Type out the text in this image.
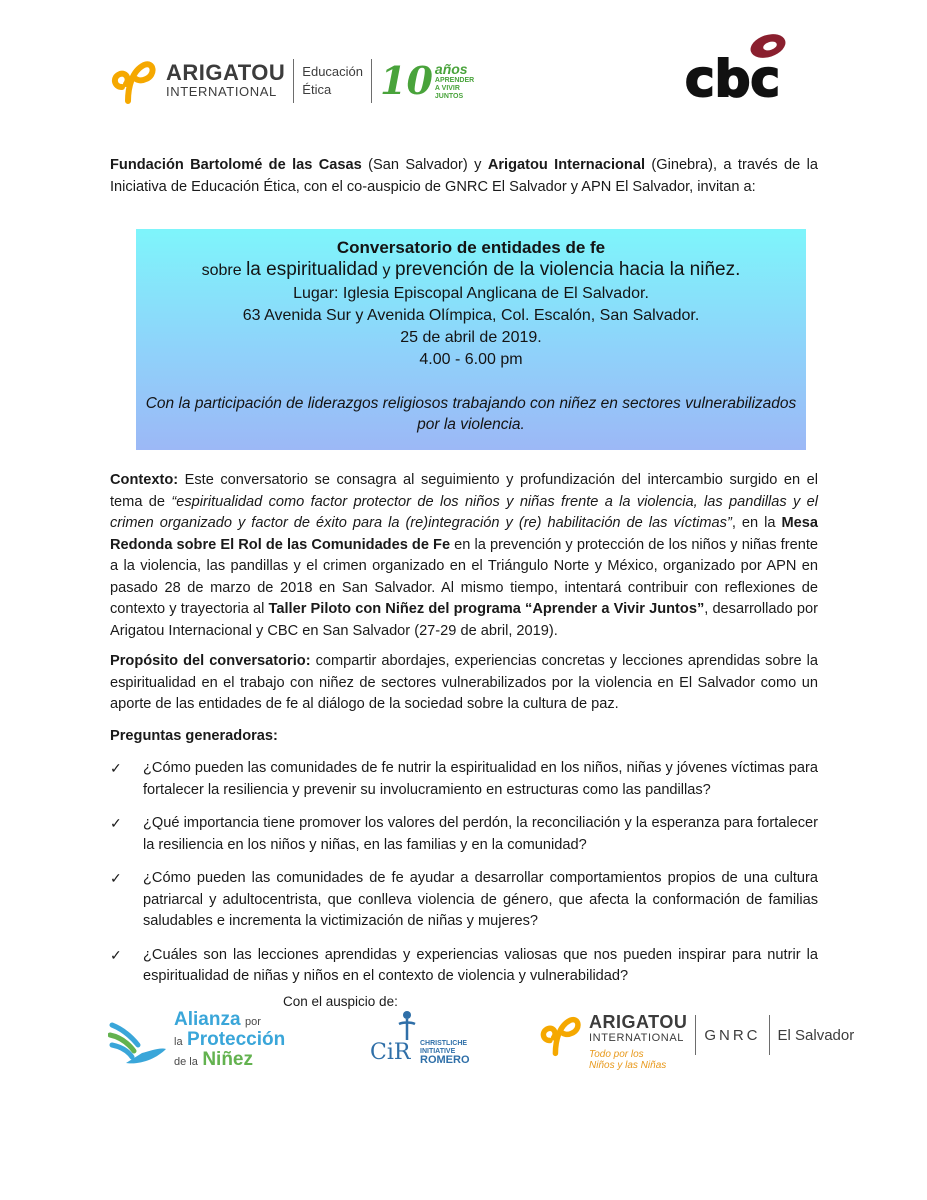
ARIGATOU
INTERNATIONAL
Educación
Ética	10 años
APRENDER
A VIVIR
JUNTOS	cbc
Fundación Bartolomé de las Casas (San Salvador) y Arigatou Internacional (Ginebra), a través de la Iniciativa de Educación Ética, con el co-auspicio de GNRC El Salvador y APN El Salvador, invitan a:
Conversatorio de entidades de fe
sobre la espiritualidad y prevención de la violencia hacia la niñez.
Lugar: Iglesia Episcopal Anglicana de El Salvador.
63 Avenida Sur y Avenida Olímpica, Col. Escalón, San Salvador.
25 de abril de 2019.
4.00 - 6.00 pm
Con la participación de liderazgos religiosos trabajando con niñez en sectores vulnerabilizados por la violencia.
Contexto: Este conversatorio se consagra al seguimiento y profundización del intercambio surgido en el tema de “espiritualidad como factor protector de los niños y niñas frente a la violencia, las pandillas y el crimen organizado y factor de éxito para la (re)integración y (re) habilitación de las víctimas”, en la Mesa Redonda sobre El Rol de las Comunidades de Fe en la prevención y protección de los niños y niñas frente a la violencia, las pandillas y el crimen organizado en el Triángulo Norte y México, organizado por APN en pasado 28 de marzo de 2018 en San Salvador. Al mismo tiempo, intentará contribuir con reflexiones de contexto y trayectoria al Taller Piloto con Niñez del programa “Aprender a Vivir Juntos”, desarrollado por Arigatou Internacional y CBC en San Salvador (27-29 de abril, 2019).
Propósito del conversatorio: compartir abordajes, experiencias concretas y lecciones aprendidas sobre la espiritualidad en el trabajo con niñez de sectores vulnerabilizados por la violencia en El Salvador como un aporte de las entidades de fe al diálogo de la sociedad sobre la cultura de paz.
Preguntas generadoras:
✓	¿Cómo pueden las comunidades de fe nutrir la espiritualidad en los niños, niñas y jóvenes víctimas para fortalecer la resiliencia y prevenir su involucramiento en estructuras como las pandillas?
✓	¿Qué importancia tiene promover los valores del perdón, la reconciliación y la esperanza para fortalecer la resiliencia en los niños y niñas, en las familias y en la comunidad?
✓	¿Cómo pueden las comunidades de fe ayudar a desarrollar comportamientos propios de una cultura patriarcal y adultocentrista, que conlleva violencia de género, que afecta la conformación de familias saludables e incrementa la victimización de niñas y mujeres?
✓	¿Cuáles son las lecciones aprendidas y experiencias valiosas que nos pueden inspirar para nutrir la espiritualidad de niñas y niños en el contexto de violencia y vulnerabilidad?
Con el auspicio de:
Alianza por
la Protección
de la Niñez	CiR CHRISTLICHE
INITIATIVE
ROMERO
ARIGATOU
INTERNATIONAL
Todo por los
Niños y las Niñas
GNRC El Salvador
